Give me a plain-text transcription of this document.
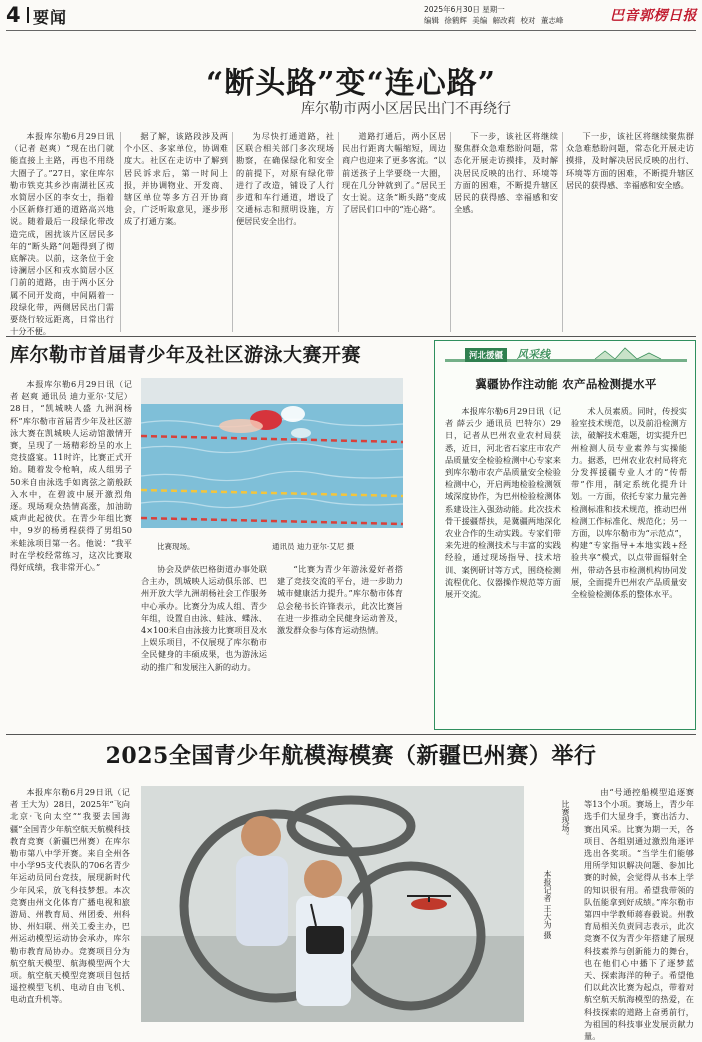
4 要闻	2025年6月30日 星期一
编辑 徐鹤辉 美编 解改莉 校对 董志峰	巴音郭楞日报
“断头路”变“连心路”
库尔勒市两小区居民出门不再绕行

本报库尔勒6月29日讯（记者 赵爽）“现在出门就能直接上主路，再也不用绕大圈子了。”27日，家住库尔勒市铁克其乡沙南湖社区戎水简居小区的李女士，指着小区新修打通的道路高兴地说。随着最后一段绿化带改造完成，困扰该片区居民多年的“断头路”问题得到了彻底解决。以前，这条位于金诗澜居小区和戎水简居小区门前的道路，由于两小区分属不同开发商，中间隔着一段绿化带，两侧居民出门需要绕行较远距离，日常出行十分不便。

据了解，该路段涉及两个小区、多家单位，协调难度大。社区在走访中了解到居民诉求后，第一时间上报，并协调物业、开发商、辖区单位等多方召开协商会，广泛听取意见，逐步形成了打通方案。

为尽快打通道路，社区联合相关部门多次现场勘察，在确保绿化和安全的前提下，对原有绿化带进行了改造，铺设了人行步道和车行通道，增设了交通标志和照明设施，方便居民安全出行。

道路打通后，两小区居民出行距离大幅缩短，周边商户也迎来了更多客流。“以前送孩子上学要绕一大圈，现在几分钟就到了。”居民王女士说。这条“断头路”变成了居民们口中的“连心路”。

下一步，该社区将继续聚焦群众急难愁盼问题，常态化开展走访摸排，及时解决居民反映的出行、环境等方面的困难，不断提升辖区居民的获得感、幸福感和安全感。

下一步，该社区将继续聚焦群众急难愁盼问题，常态化开展走访摸排，及时解决居民反映的出行、环境等方面的困难，不断提升辖区居民的获得感、幸福感和安全感。

库尔勒市首届青少年及社区游泳大赛开赛

本报库尔勒6月29日讯（记者 赵爽 通讯员 迪力亚尔·艾尼）28日，“凯城映人盛 九洲润杨杯”库尔勒市首届青少年及社区游泳大赛在凯城映人运动馆激情开赛，呈现了一场精彩纷呈的水上竞技盛宴。11时许，比赛正式开始。随着发令枪响，成人组男子50米自由泳选手如离弦之箭般跃入水中，在碧波中展开激烈角逐。现场观众热情高涨，加油助威声此起彼伏。在青少年组比赛中，9岁的杨勇程获得了男组50米蛙泳项目第一名。他说：“我平时在学校经常练习，这次比赛取得好成绩，我非常开心。”

比赛现场。	通讯员 迪力亚尔·艾尼 摄

协会及萨依巴格街道办事处联合主办，凯城映人运动俱乐部、巴州开放大学九洲胡杨社会工作服务中心承办。比赛分为成人组、青少年组，设置自由泳、蛙泳、蝶泳、4×100米自由泳接力比赛项目及水上娱乐项目，不仅展现了库尔勒市全民健身的丰硕成果，也为游泳运动的推广和发展注入新的动力。

“比赛为青少年游泳爱好者搭建了竞技交流的平台，进一步助力城市健康活力提升。”库尔勒市体育总会秘书长许锋表示，此次比赛旨在进一步推动全民健身运动普及，激发群众参与体育运动热情。

河北援疆	风采线
冀疆协作注动能 农产品检测提水平

本报库尔勒6月29日讯（记者 薛云少 通讯员 巴特尔）29日，记者从巴州农业农村局获悉，近日，河北省石家庄市农产品质量安全检验检测中心专家来到库尔勒市农产品质量安全检验检测中心，开启两地检验检测领域深度协作，为巴州检验检测体系建设注入强劲动能。此次技术骨干援疆帮扶，是冀疆两地深化农业合作的生动实践。专家们带来先进的检测技术与丰富的实践经验，通过现场指导、技术培训、案例研讨等方式，围绕检测流程优化、仪器操作规范等方面展开交流。

术人员素质。同时，传授实验室技术规范，以及前沿检测方法，破解技术难题，切实提升巴州检测人员专业素养与实操能力。据悉，巴州农业农村局将充分发挥援疆专业人才的“传帮带”作用，制定系统化提升计划。一方面，依托专家力量完善检测标准和技术规范，推动巴州检测工作标准化、规范化；另一方面，以库尔勒市为“示范点”，构建“专家指导+本地实践+经验共享”模式，以点带面辐射全州，带动各县市检测机构协同发展，全面提升巴州农产品质量安全检验检测体系的整体水平。

2025全国青少年航模海模赛（新疆巴州赛）举行

本报库尔勒6月29日讯（记者 王大为）28日，2025年“飞向北京·飞向太空”“我要去国海疆”全国青少年航空航天航模科技教育竞赛（新疆巴州赛）在库尔勒市第八中学开赛。来自全州各中小学95支代表队的706名青少年运动员同台竞技，展现新时代少年风采，放飞科技梦想。本次竞赛由州文化体育广播电视和旅游局、州教育局、州团委、州科协、州妇联、州关工委主办，巴州运动模型运动协会承办，库尔勒市教育局协办。竞赛项目分为航空航天模型、航海模型两个大项。航空航天模型竞赛项目包括遥控模型飞机、电动自由飞机、电动直升机等。

比赛现场。
本报记者 王大为 摄

由“号通控船模型追逐赛等13个小项。赛场上，青少年选手们大显身手，赛出活力、赛出风采。比赛为期一天，各项目、各组别通过激烈角逐评选出各奖项。“当学生们能够用所学知识解决问题、参加比赛的时候，会觉得从书本上学的知识很有用。希望我带领的队伍能拿到好成绩。”库尔勒市第四中学教师蒋春毅说。州教育局相关负责同志表示，此次竞赛不仅为青少年搭建了展现科技素养与创新能力的舞台，也在他们心中播下了逐梦蓝天、探索海洋的种子。希望他们以此次比赛为起点，带着对航空航天航海模型的热爱，在科技探索的道路上奋勇前行，为祖国的科技事业发展贡献力量。
